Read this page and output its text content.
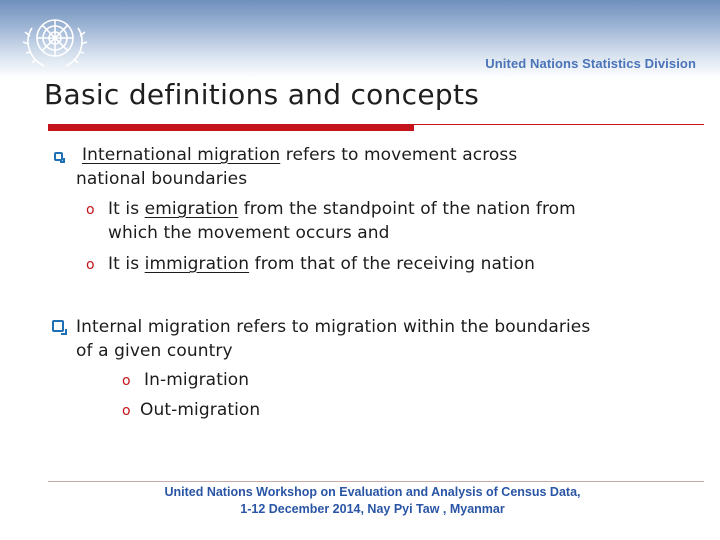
United Nations Statistics Division
Basic definitions and concepts
International migration refers to movement across
national boundaries
o It is emigration from the standpoint of the nation from
which the movement occurs and
o It is immigration from that of the receiving nation
Internal migration refers to migration within the boundaries
of a given country
o In-migration
o Out-migration
United Nations Workshop on Evaluation and Analysis of Census Data,
1-12 December 2014, Nay Pyi Taw , Myanmar
